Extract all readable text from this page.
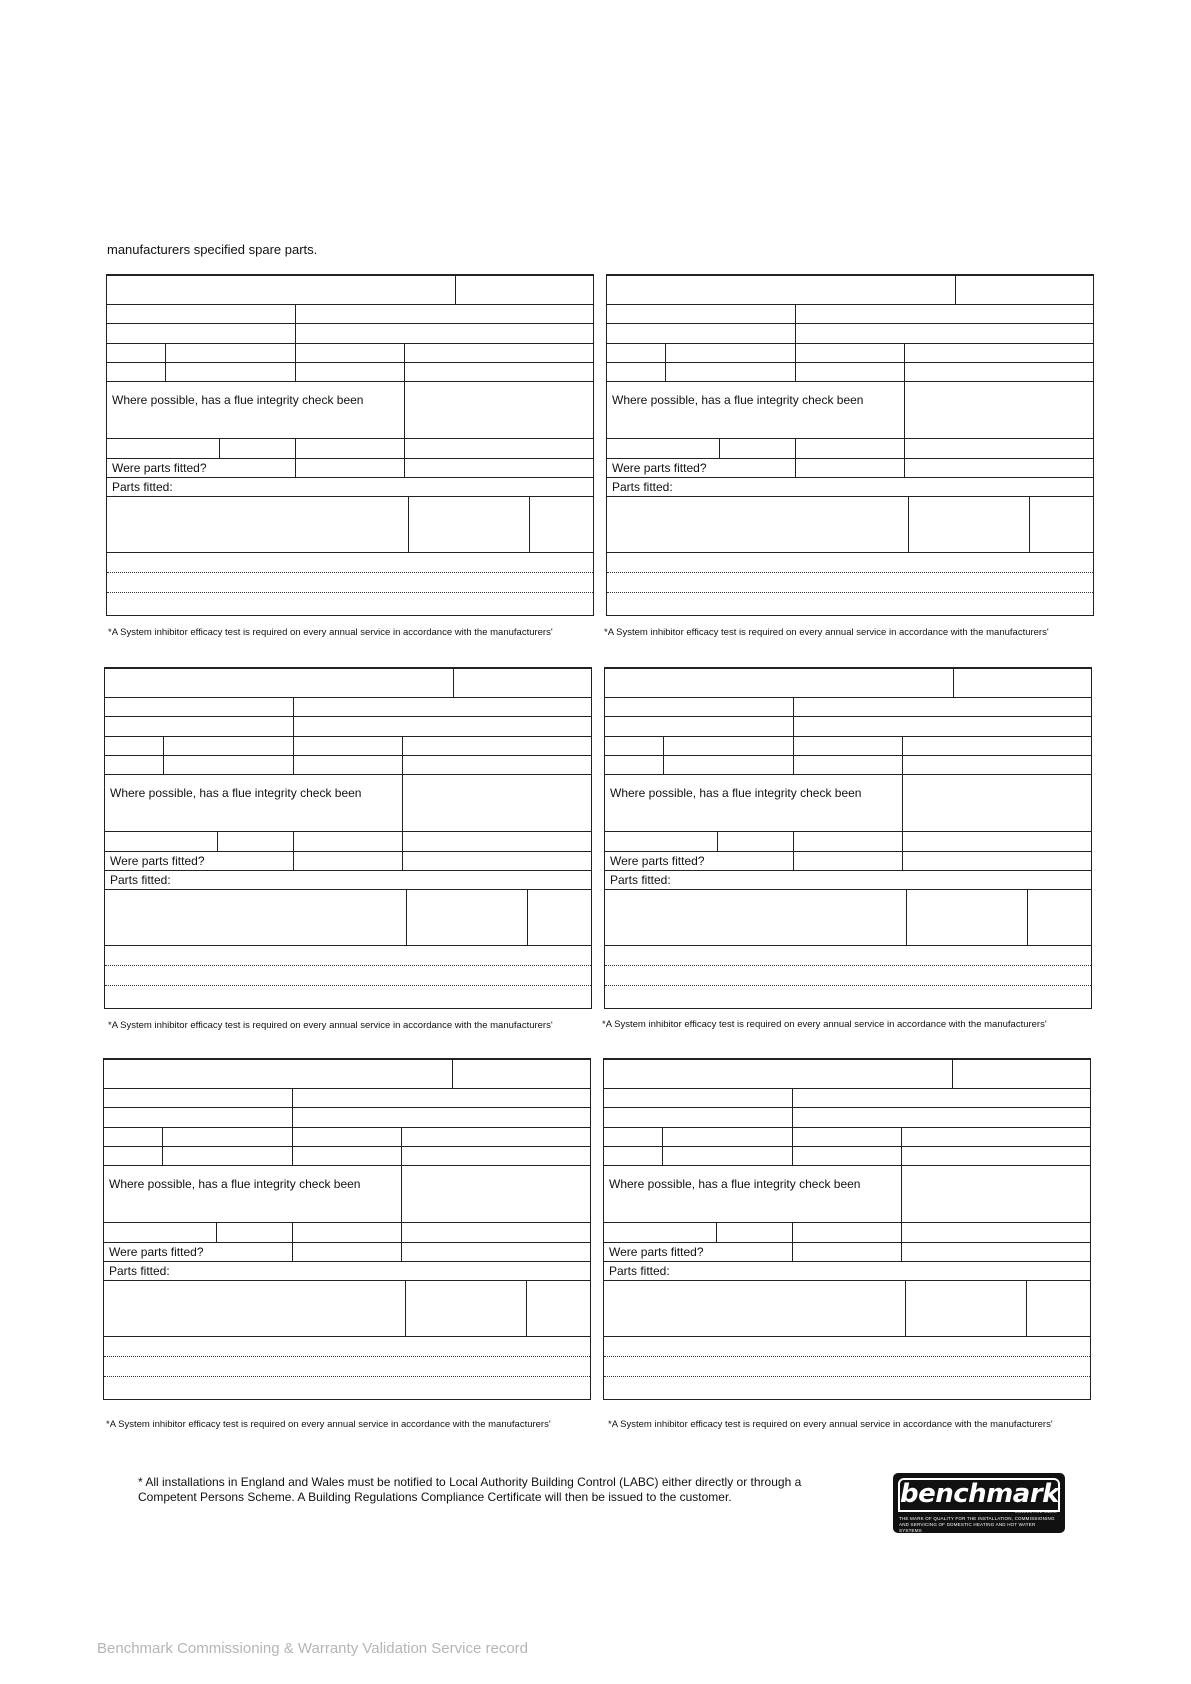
manufacturers specified spare parts.
Where possible, has a flue integrity check been
Were parts fitted?
Parts fitted:
*A System inhibitor efficacy test is required on every annual service in accordance with the manufacturers'
Where possible, has a flue integrity check been
Were parts fitted?
Parts fitted:
*A System inhibitor efficacy test is required on every annual service in accordance with the manufacturers'
Where possible, has a flue integrity check been
Were parts fitted?
Parts fitted:
*A System inhibitor efficacy test is required on every annual service in accordance with the manufacturers'
Where possible, has a flue integrity check been
Were parts fitted?
Parts fitted:
*A System inhibitor efficacy test is required on every annual service in accordance with the manufacturers'
Where possible, has a flue integrity check been
Were parts fitted?
Parts fitted:
*A System inhibitor efficacy test is required on every annual service in accordance with the manufacturers'
Where possible, has a flue integrity check been
Were parts fitted?
Parts fitted:
*A System inhibitor efficacy test is required on every annual service in accordance with the manufacturers'
* All installations in England and Wales must be notified to Local Authority Building Control (LABC) either directly or through a
Competent Persons Scheme. A Building Regulations Compliance Certificate will then be issued to the customer.	benchmark
COLLECTIVE MARK
THE MARK OF QUALITY FOR THE INSTALLATION, COMMISSIONING AND SERVICING OF DOMESTIC HEATING AND HOT WATER SYSTEMS
Benchmark Commissioning & Warranty Validation Service record
